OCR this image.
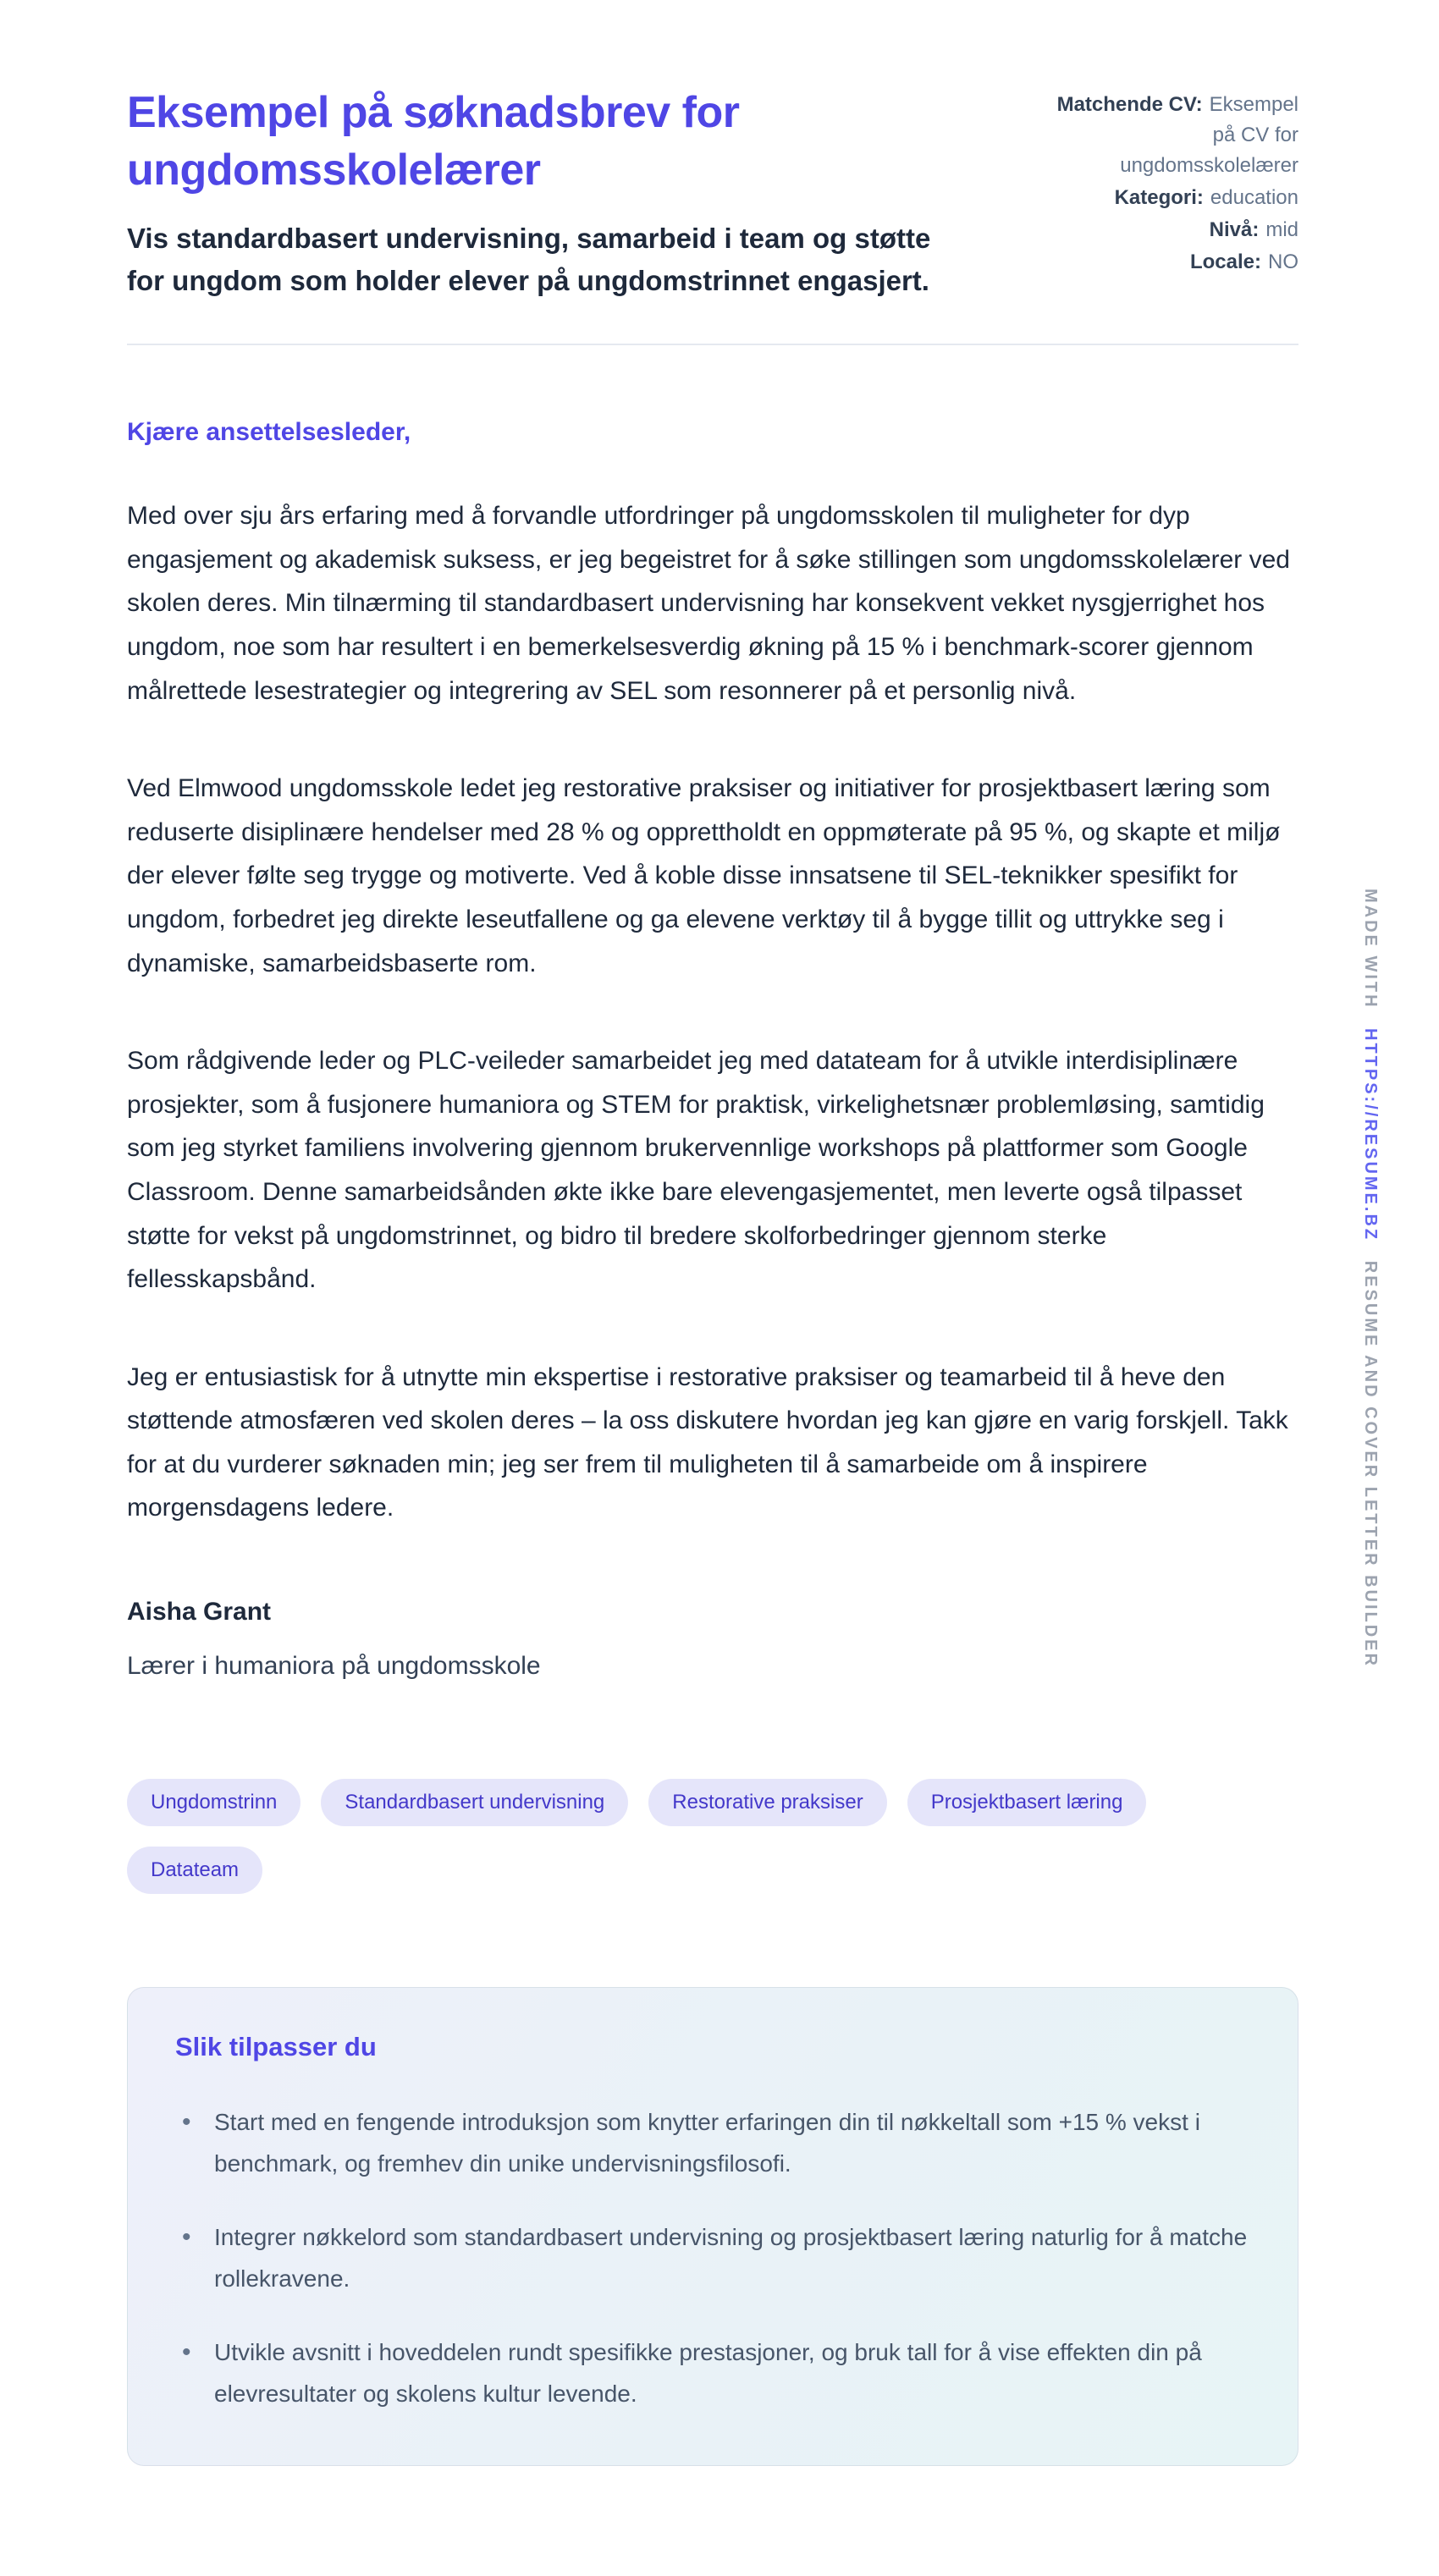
Eksempel på søknadsbrev for ungdomsskolelærer
Vis standardbasert undervisning, samarbeid i team og støtte for ungdom som holder elever på ungdomstrinnet engasjert.
Matchende CV: Eksempel på CV for ungdomsskolelærer
Kategori: education
Nivå: mid
Locale: NO

Kjære ansettelsesleder,

Med over sju års erfaring med å forvandle utfordringer på ungdomsskolen til muligheter for dyp engasjement og akademisk suksess, er jeg begeistret for å søke stillingen som ungdomsskolelærer ved skolen deres. Min tilnærming til standardbasert undervisning har konsekvent vekket nysgjerrighet hos ungdom, noe som har resultert i en bemerkelsesverdig økning på 15 % i benchmark-scorer gjennom målrettede lesestrategier og integrering av SEL som resonnerer på et personlig nivå.

Ved Elmwood ungdomsskole ledet jeg restorative praksiser og initiativer for prosjektbasert læring som reduserte disiplinære hendelser med 28 % og opprettholdt en oppmøterate på 95 %, og skapte et miljø der elever følte seg trygge og motiverte. Ved å koble disse innsatsene til SEL-teknikker spesifikt for ungdom, forbedret jeg direkte leseutfallene og ga elevene verktøy til å bygge tillit og uttrykke seg i dynamiske, samarbeidsbaserte rom.

Som rådgivende leder og PLC-veileder samarbeidet jeg med datateam for å utvikle interdisiplinære prosjekter, som å fusjonere humaniora og STEM for praktisk, virkelighetsnær problemløsing, samtidig som jeg styrket familiens involvering gjennom brukervennlige workshops på plattformer som Google Classroom. Denne samarbeidsånden økte ikke bare elevengasjementet, men leverte også tilpasset støtte for vekst på ungdomstrinnet, og bidro til bredere skolforbedringer gjennom sterke fellesskapsbånd.

Jeg er entusiastisk for å utnytte min ekspertise i restorative praksiser og teamarbeid til å heve den støttende atmosfæren ved skolen deres – la oss diskutere hvordan jeg kan gjøre en varig forskjell. Takk for at du vurderer søknaden min; jeg ser frem til muligheten til å samarbeide om å inspirere morgensdagens ledere.

Aisha Grant

Lærer i humaniora på ungdomsskole

Ungdomstrinn	Standardbasert undervisning	Restorative praksiser	Prosjektbasert læring
Datateam
Slik tilpasser du
• Start med en fengende introduksjon som knytter erfaringen din til nøkkeltall som +15 % vekst i benchmark, og fremhev din unike undervisningsfilosofi.
• Integrer nøkkelord som standardbasert undervisning og prosjektbasert læring naturlig for å matche rollekravene.
• Utvikle avsnitt i hoveddelen rundt spesifikke prestasjoner, og bruk tall for å vise effekten din på elevresultater og skolens kultur levende.
MADE WITH HTTPS://RESUME.BZ RESUME AND COVER LETTER BUILDER
